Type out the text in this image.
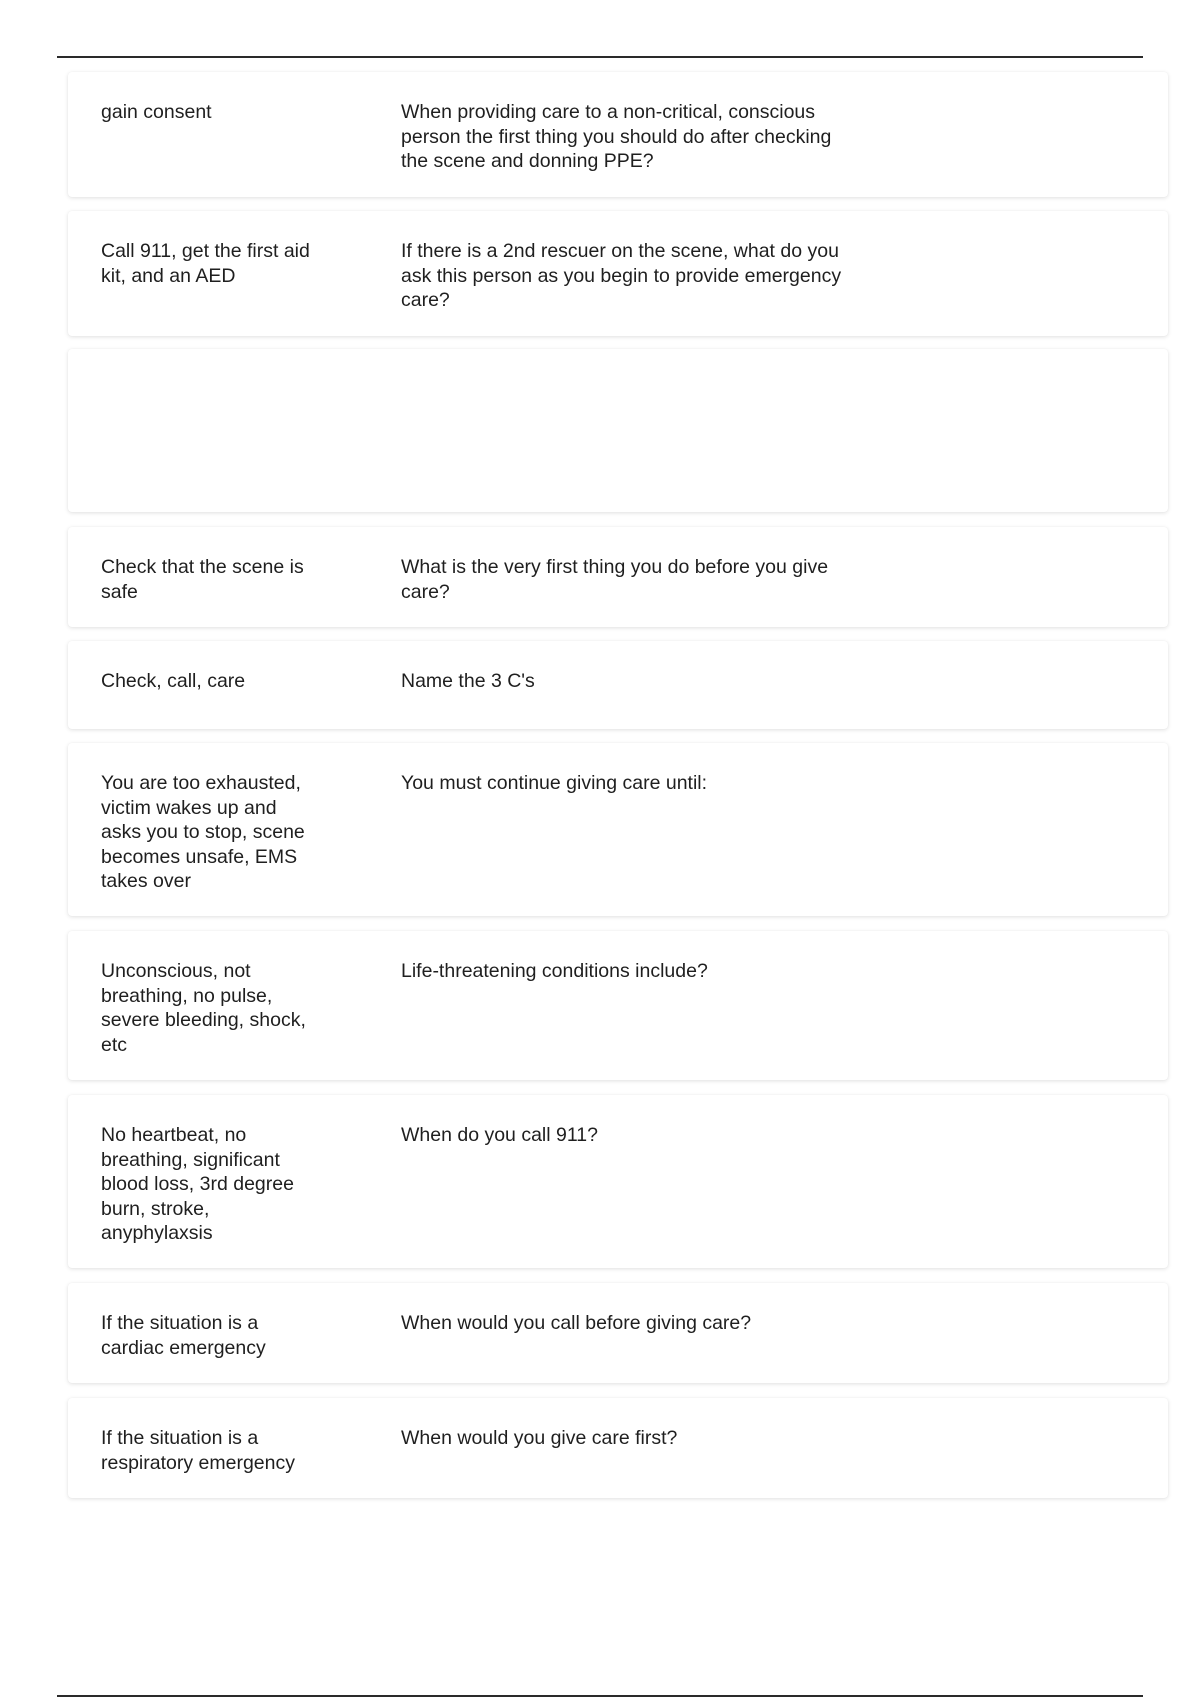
gain consent	When providing care to a non-critical, conscious
person the first thing you should do after checking
the scene and donning PPE?
Call 911, get the first aid
kit, and an AED
If there is a 2nd rescuer on the scene, what do you
ask this person as you begin to provide emergency
care?
Check that the scene is
safe
What is the very first thing you do before you give
care?
Check, call, care	Name the 3 C's
You are too exhausted,
victim wakes up and
asks you to stop, scene
becomes unsafe, EMS
takes over
You must continue giving care until:
Unconscious, not
breathing, no pulse,
severe bleeding, shock,
etc
Life-threatening conditions include?
No heartbeat, no
breathing, significant
blood loss, 3rd degree
burn, stroke,
anyphylaxsis
When do you call 911?
If the situation is a
cardiac emergency
When would you call before giving care?
If the situation is a
respiratory emergency
When would you give care first?
